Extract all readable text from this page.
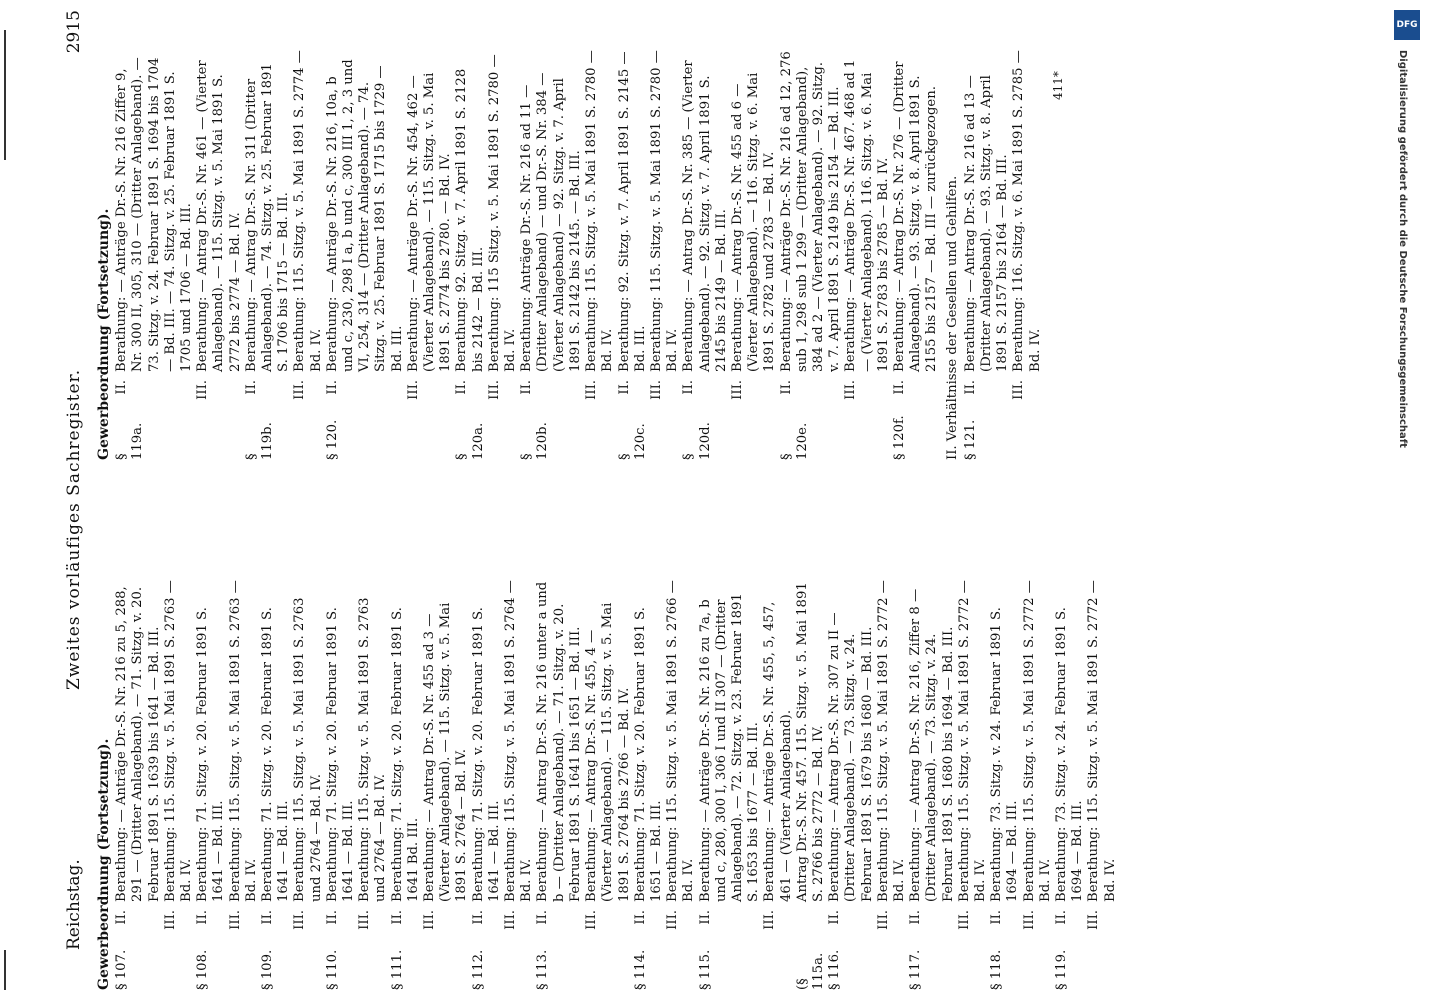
Reichstag.
Zweites vorläufiges Sachregister.
2915
Gewerbeordnung (Fortsetzung). § 107.
II.
Berathung: — Anträge Dr.-S. Nr. 216 zu 5, 288, 291 — (Dritter Anlageband). — 71. Sitzg. v. 20. Februar 1891 S. 1639 bis 1641 — Bd. III.
III.
Berathung: 115. Sitzg. v. 5. Mai 1891 S. 2763 — Bd. IV.
§ 108.
II.
Berathung: 71. Sitzg. v. 20. Februar 1891 S. 1641 — Bd. III.
III.
Berathung: 115. Sitzg. v. 5. Mai 1891 S. 2763 — Bd. IV.
§ 109.
II.
Berathung: 71. Sitzg. v. 20. Februar 1891 S. 1641 — Bd. III.
III.
Berathung: 115. Sitzg. v. 5. Mai 1891 S. 2763 und 2764 — Bd. IV.
§ 110.
II.
Berathung: 71. Sitzg. v. 20. Februar 1891 S. 1641 — Bd. III.
III.
Berathung: 115. Sitzg. v. 5. Mai 1891 S. 2763 und 2764 — Bd. IV.
§ 111.
II.
Berathung: 71. Sitzg. v. 20. Februar 1891 S. 1641 Bd. III.
III.
Berathung: — Antrag Dr.-S. Nr. 455 ad 3 — (Vierter Anlageband). — 115. Sitzg. v. 5. Mai 1891 S. 2764 — Bd. IV.
§ 112.
II.
Berathung: 71. Sitzg. v. 20. Februar 1891 S. 1641 — Bd. III.
III.
Berathung: 115. Sitzg. v. 5. Mai 1891 S. 2764 — Bd. IV.
§ 113.
II.
Berathung: — Antrag Dr.-S. Nr. 216 unter a und b — (Dritter Anlageband). — 71. Sitzg. v. 20. Februar 1891 S. 1641 bis 1651 — Bd. III.
III.
Berathung: — Antrag Dr.-S. Nr. 455, 4 — (Vierter Anlageband). — 115. Sitzg. v. 5. Mai 1891 S. 2764 bis 2766 — Bd. IV.
§ 114.
II.
Berathung: 71. Sitzg. v. 20. Februar 1891 S. 1651 — Bd. III.
III.
Berathung: 115. Sitzg. v. 5. Mai 1891 S. 2766 — Bd. IV.
§ 115.
II.
Berathung: — Anträge Dr.-S. Nr. 216 zu 7a, b und c, 280, 300 I, 306 I und II 307 — (Dritter Anlageband). — 72. Sitzg. v. 23. Februar 1891 S. 1653 bis 1677 — Bd. III.
III.
Berathung: — Anträge Dr.-S. Nr. 455, 5, 457, 461 — (Vierter Anlageband).
(§ 115a.
Antrag Dr.-S. Nr. 457. 115. Sitzg. v. 5. Mai 1891 S. 2766 bis 2772 — Bd. IV.
§ 116.
II.
Berathung: — Antrag Dr.-S. Nr. 307 zu II — (Dritter Anlageband). — 73. Sitzg. v. 24. Februar 1891 S. 1679 bis 1680 — Bd. III.
III.
Berathung: 115. Sitzg. v. 5. Mai 1891 S. 2772 — Bd. IV.
§ 117.
II.
Berathung: — Antrag Dr.-S. Nr. 216, Ziffer 8 — (Dritter Anlageband). — 73. Sitzg. v. 24. Februar 1891 S. 1680 bis 1694 — Bd. III.
III.
Berathung: 115. Sitzg. v. 5. Mai 1891 S. 2772 — Bd. IV.
§ 118.
II.
Berathung: 73. Sitzg. v. 24. Februar 1891 S. 1694 — Bd. III.
III.
Berathung: 115. Sitzg. v. 5. Mai 1891 S. 2772 — Bd. IV.
§ 119.
II.
Berathung: 73. Sitzg. v. 24. Februar 1891 S. 1694 — Bd. III.
III.
Berathung: 115. Sitzg. v. 5. Mai 1891 S. 2772 — Bd. IV.
Gewerbeordnung (Fortsetzung). § 119a.
II.
Berathung: — Anträge Dr.-S. Nr. 216 Ziffer 9, Nr. 300 II, 305, 310 — (Dritter Anlageband). — 73. Sitzg. v. 24. Februar 1891 S. 1694 bis 1704 — Bd. III. — 74. Sitzg. v. 25. Februar 1891 S. 1705 und 1706 — Bd. III.
III.
Berathung: — Antrag Dr.-S. Nr. 461 — (Vierter Anlageband). — 115. Sitzg. v. 5. Mai 1891 S. 2772 bis 2774 — Bd. IV.
§ 119b.
II.
Berathung: — Antrag Dr.-S. Nr. 311 (Dritter Anlageband). — 74. Sitzg. v. 25. Februar 1891 S. 1706 bis 1715 — Bd. III.
III.
Berathung: 115. Sitzg. v. 5. Mai 1891 S. 2774 — Bd. IV.
§ 120.
II.
Berathung: — Anträge Dr.-S. Nr. 216, 10a, b und c, 230, 298 I a, b und c, 300 III 1, 2, 3 und VI, 254, 314 — (Dritter Anlageband). — 74. Sitzg. v. 25. Februar 1891 S. 1715 bis 1729 — Bd. III.
III.
Berathung: — Anträge Dr.-S. Nr. 454, 462 — (Vierter Anlageband). — 115. Sitzg. v. 5. Mai 1891 S. 2774 bis 2780. — Bd. IV.
§ 120a.
II.
Berathung: 92. Sitzg. v. 7. April 1891 S. 2128 bis 2142 — Bd. III.
III.
Berathung: 115 Sitzg. v. 5. Mai 1891 S. 2780 — Bd. IV.
§ 120b.
II.
Berathung: Anträge Dr.-S. Nr. 216 ad 11 — (Dritter Anlageband) — und Dr.-S. Nr. 384 — (Vierter Anlageband) — 92. Sitzg. v. 7. April 1891 S. 2142 bis 2145. — Bd. III.
III.
Berathung: 115. Sitzg. v. 5. Mai 1891 S. 2780 — Bd. IV.
§ 120c.
II.
Berathung: 92. Sitzg. v. 7. April 1891 S. 2145 — Bd. III.
III.
Berathung: 115. Sitzg. v. 5. Mai 1891 S. 2780 — Bd. IV.
§ 120d.
II.
Berathung: — Antrag Dr.-S. Nr. 385 — (Vierter Anlageband). — 92. Sitzg. v. 7. April 1891 S. 2145 bis 2149 — Bd. III.
III.
Berathung: — Antrag Dr.-S. Nr. 455 ad 6 — (Vierter Anlageband). — 116. Sitzg. v. 6. Mai 1891 S. 2782 und 2783 — Bd. IV.
§ 120e.
II.
Berathung: — Anträge Dr.-S. Nr. 216 ad 12, 276 sub 1, 298 sub 1 299 — (Dritter Anlageband), 384 ad 2 — (Vierter Anlageband). — 92. Sitzg. v. 7. April 1891 S. 2149 bis 2154 — Bd. III.
III.
Berathung: — Anträge Dr.-S. Nr. 467. 468 ad 1 — (Vierter Anlageband). 116. Sitzg. v. 6. Mai 1891 S. 2783 bis 2785 — Bd. IV.
§ 120f.
II.
Berathung: — Antrag Dr.-S. Nr. 276 — (Dritter Anlageband). — 93. Sitzg. v. 8. April 1891 S. 2155 bis 2157 — Bd. III — zurückgezogen. II. Verhältnisse der Gesellen und Gehilfen. § 121.
II.
Berathung: — Antrag Dr.-S. Nr. 216 ad 13 — (Dritter Anlageband). — 93. Sitzg. v. 8. April 1891 S. 2157 bis 2164 — Bd. III.
III.
Berathung: 116. Sitzg. v. 6. Mai 1891 S. 2785 — Bd. IV.
411*
DFG
Digitalisierung gefördert durch die Deutsche Forschungsgemeinschaft
